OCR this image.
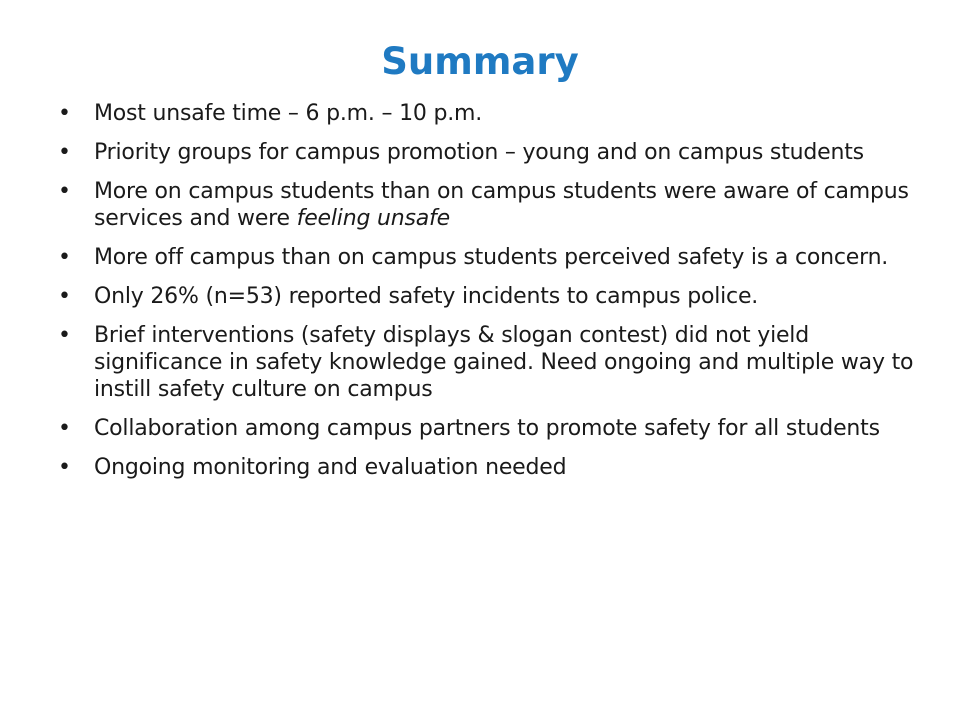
Summary
• Most unsafe time – 6 p.m. – 10 p.m.
• Priority groups for campus promotion – young and on campus students
• More on campus students than on campus students were aware of campus services and were feeling unsafe
• More off campus than on campus students perceived safety is a concern.
• Only 26% (n=53) reported safety incidents to campus police.
• Brief interventions (safety displays & slogan contest) did not yield significance in safety knowledge gained. Need ongoing and multiple way to instill safety culture on campus
• Collaboration among campus partners to promote safety for all students
• Ongoing monitoring and evaluation needed
